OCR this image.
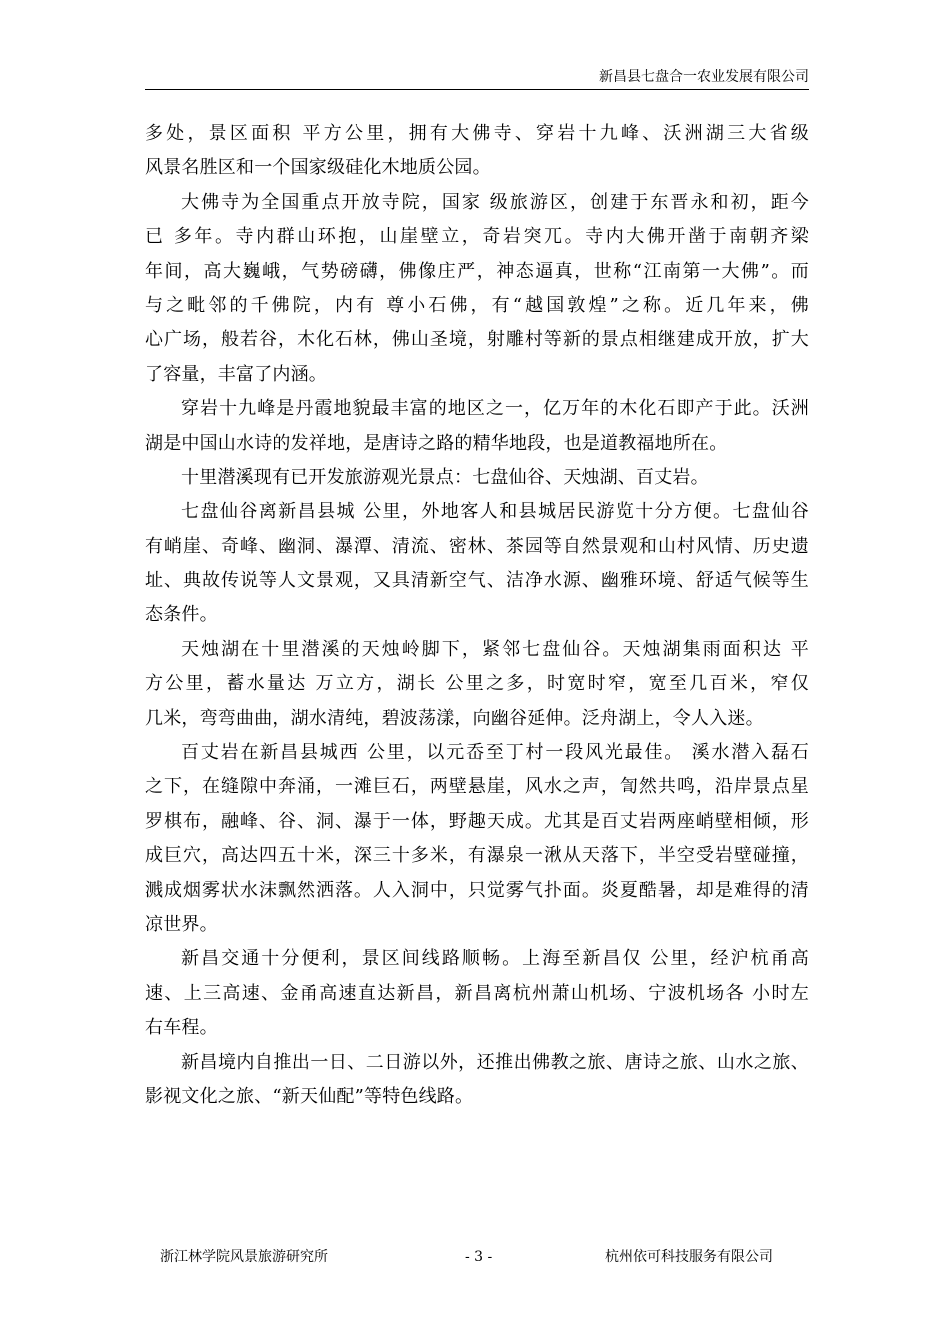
新昌县七盘合一农业发展有限公司
多处，景区面积 平方公里，拥有大佛寺、穿岩十九峰、沃洲湖三大省级
风景名胜区和一个国家级硅化木地质公园。
大佛寺为全国重点开放寺院，国家 级旅游区，创建于东晋永和初，距今
已 多年。寺内群山环抱，山崖壁立，奇岩突兀。寺内大佛开凿于南朝齐梁
年间，高大巍峨，气势磅礴，佛像庄严，神态逼真，世称“江南第一大佛”。而
与之毗邻的千佛院，内有 尊小石佛，有“越国敦煌”之称。近几年来，佛
心广场，般若谷，木化石林，佛山圣境，射雕村等新的景点相继建成开放，扩大
了容量，丰富了内涵。
穿岩十九峰是丹霞地貌最丰富的地区之一，亿万年的木化石即产于此。沃洲
湖是中国山水诗的发祥地，是唐诗之路的精华地段，也是道教福地所在。
十里潜溪现有已开发旅游观光景点：七盘仙谷、天烛湖、百丈岩。
七盘仙谷离新昌县城 公里，外地客人和县城居民游览十分方便。七盘仙谷
有峭崖、奇峰、幽洞、瀑潭、清流、密林、茶园等自然景观和山村风情、历史遗
址、典故传说等人文景观，又具清新空气、洁净水源、幽雅环境、舒适气候等生
态条件。
天烛湖在十里潜溪的天烛岭脚下，紧邻七盘仙谷。天烛湖集雨面积达 平
方公里，蓄水量达 万立方，湖长 公里之多，时宽时窄，宽至几百米，窄仅
几米，弯弯曲曲，湖水清纯，碧波荡漾，向幽谷延伸。泛舟湖上，令人入迷。
百丈岩在新昌县城西 公里，以元岙至丁村一段风光最佳。 溪水潜入磊石
之下，在缝隙中奔涌，一滩巨石，两壁悬崖，风水之声，訇然共鸣，沿岸景点星
罗棋布，融峰、谷、洞、瀑于一体，野趣天成。尤其是百丈岩两座峭壁相倾，形
成巨穴，高达四五十米，深三十多米，有瀑泉一湫从天落下，半空受岩壁碰撞，
溅成烟雾状水沫飘然洒落。人入洞中，只觉雾气扑面。炎夏酷暑，却是难得的清
凉世界。
新昌交通十分便利，景区间线路顺畅。上海至新昌仅 公里，经沪杭甬高
速、上三高速、金甬高速直达新昌，新昌离杭州萧山机场、宁波机场各 小时左
右车程。
新昌境内自推出一日、二日游以外，还推出佛教之旅、唐诗之旅、山水之旅、
影视文化之旅、“新天仙配”等特色线路。
浙江林学院风景旅游研究所	- 3 -	杭州依可科技服务有限公司
